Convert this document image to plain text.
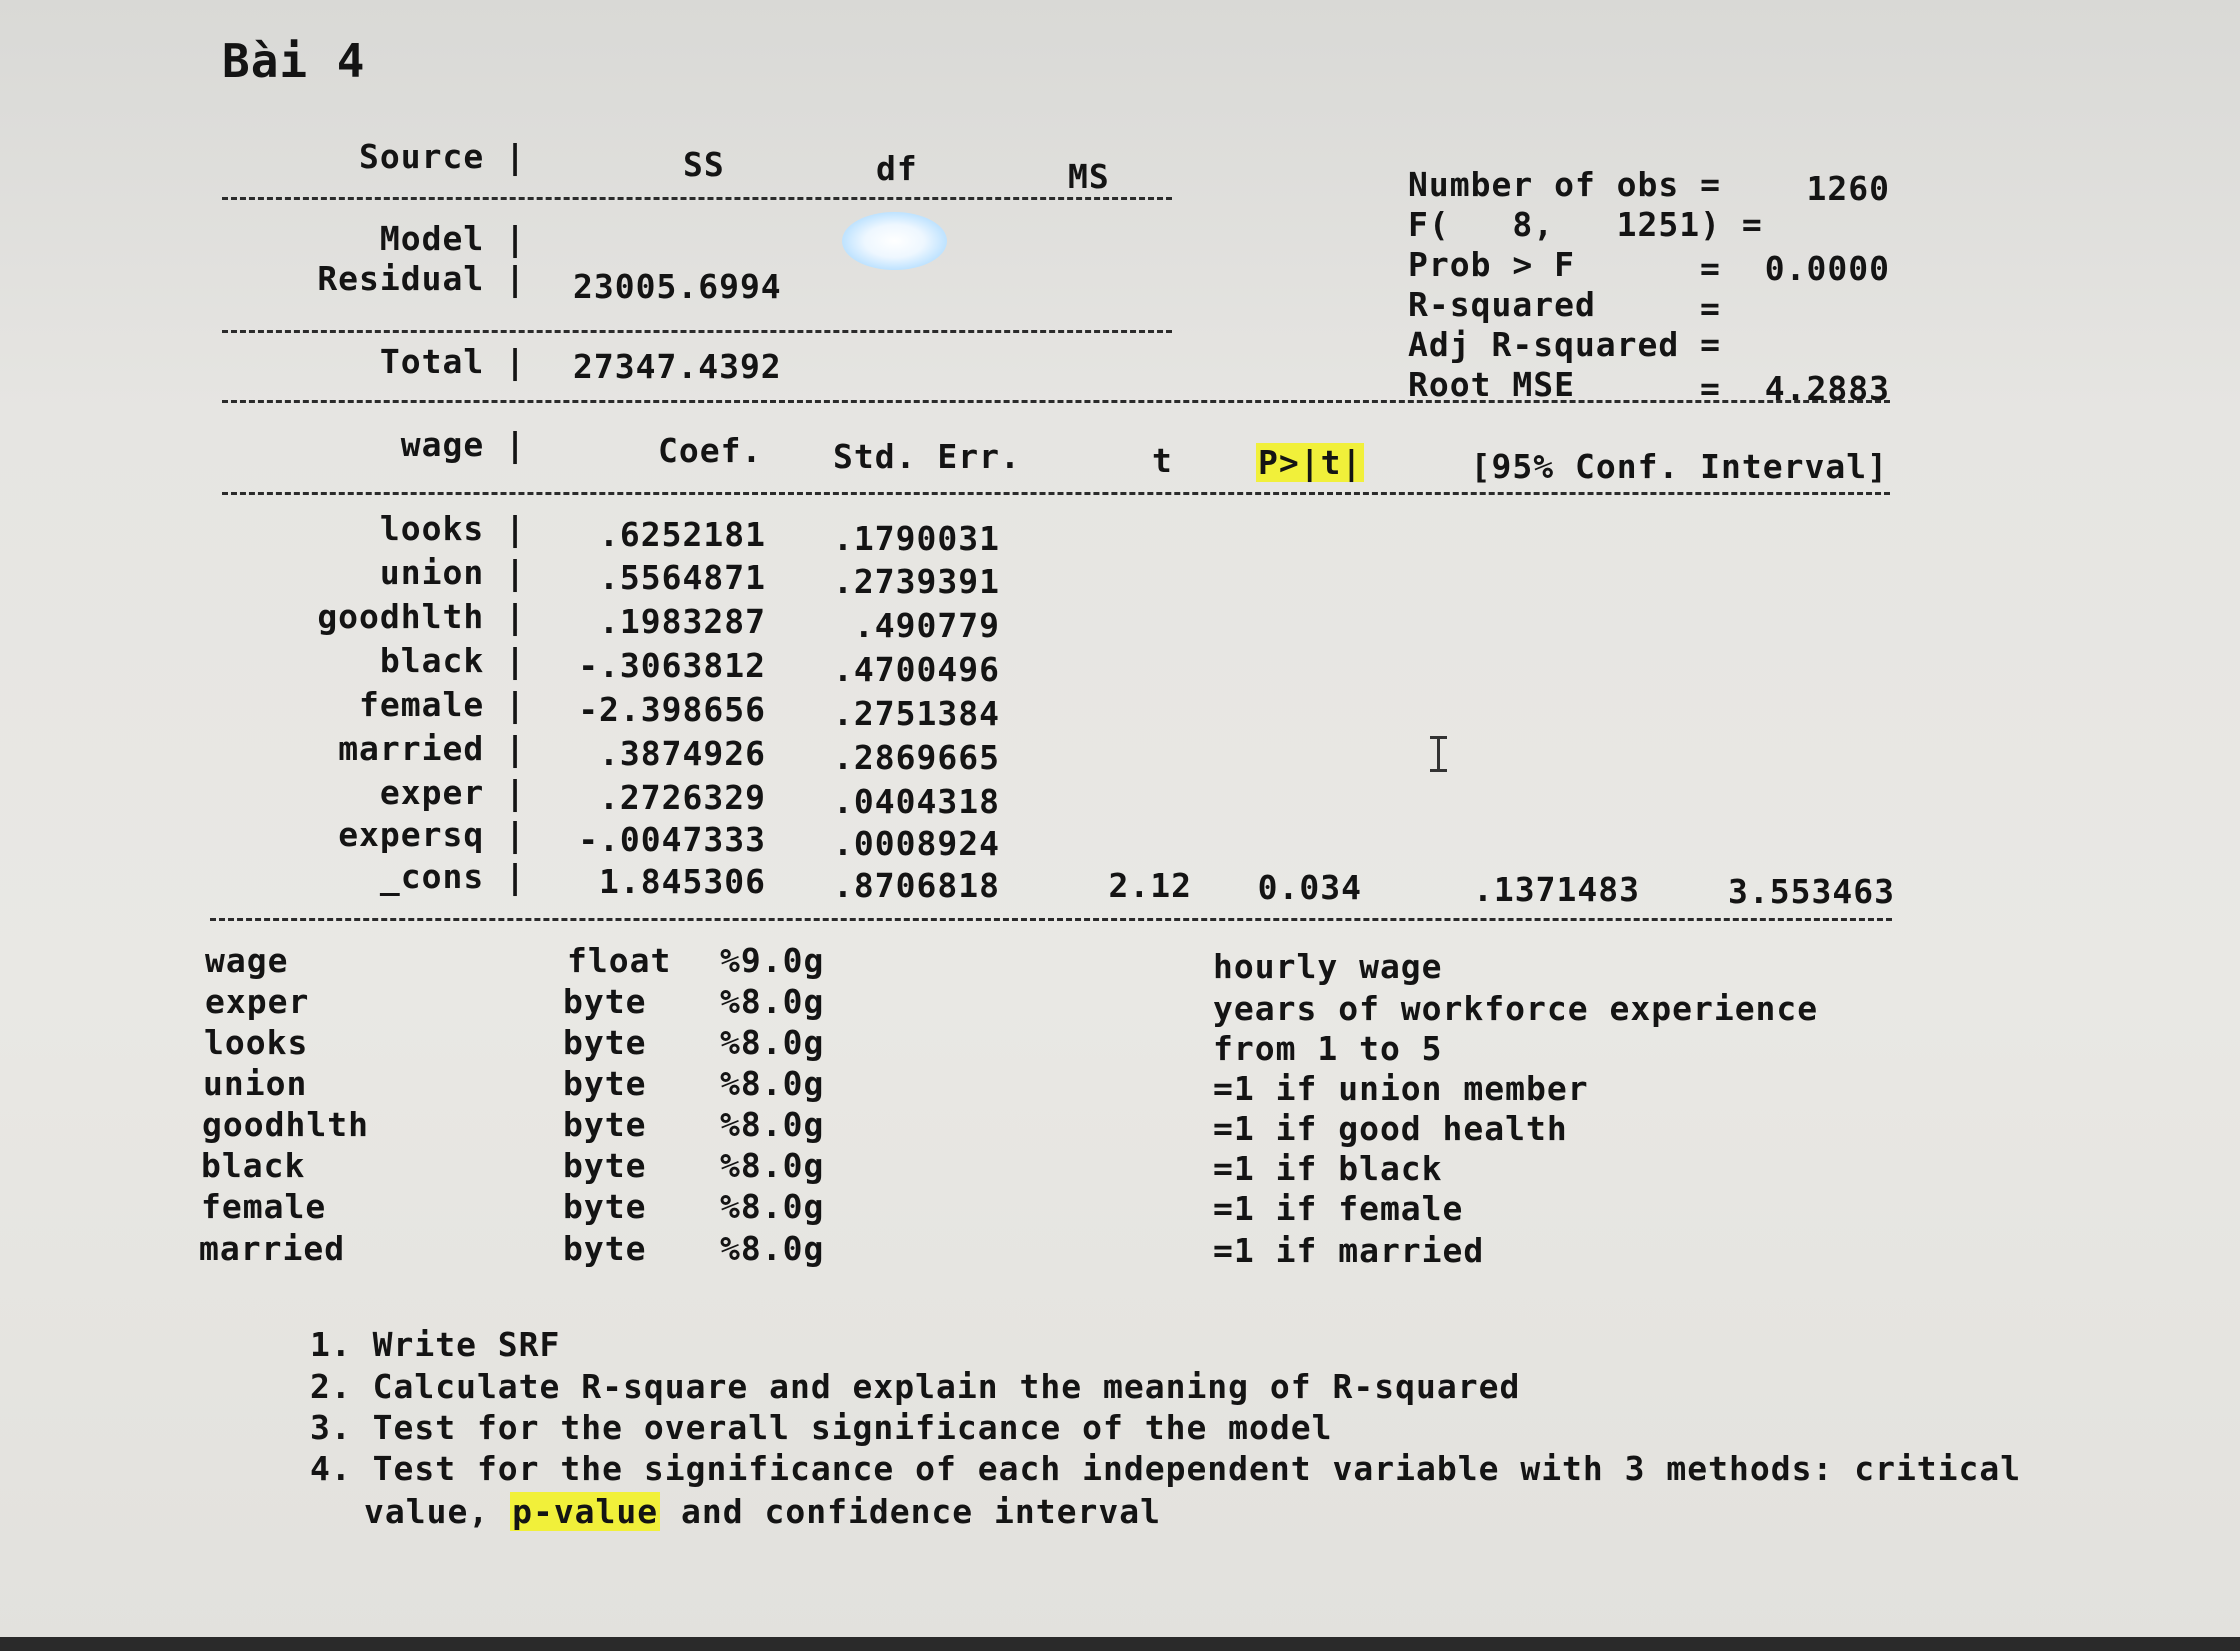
Bài 4
Source |	SS	df	MS
Model |
Residual | 23005.6994
Total | 27347.4392
Number of obs =	1260
F(   8,   1251) =
Prob > F	= 0.0000
R-squared	=
Adj R-squared =
Root MSE	= 4.2883
wage |	Coef. Std. Err.	t	P>|t|	[95% Conf. Interval]
looks | .6252181 .1790031
union | .5564871 .2739391
goodhlth | .1983287	.490779
black | -.3063812 .4700496
female | -2.398656 .2751384
married | .3874926 .2869665
exper | .2726329 .0404318
expersq | -.0047333 .0008924
_cons | 1.845306 .8706818	2.12 0.034	.1371483	3.553463
wage	float %9.0g	hourly wage
exper	byte %8.0g	years of workforce experience
looks	byte %8.0g	from 1 to 5
union	byte %8.0g	=1 if union member
goodhlth	byte %8.0g	=1 if good health
black	byte %8.0g	=1 if black
female	byte %8.0g	=1 if female
married	byte %8.0g	=1 if married
1. Write SRF
2. Calculate R-square and explain the meaning of R-squared
3. Test for the overall significance of the model
4. Test for the significance of each independent variable with 3 methods: critical
value, p-value and confidence interval
